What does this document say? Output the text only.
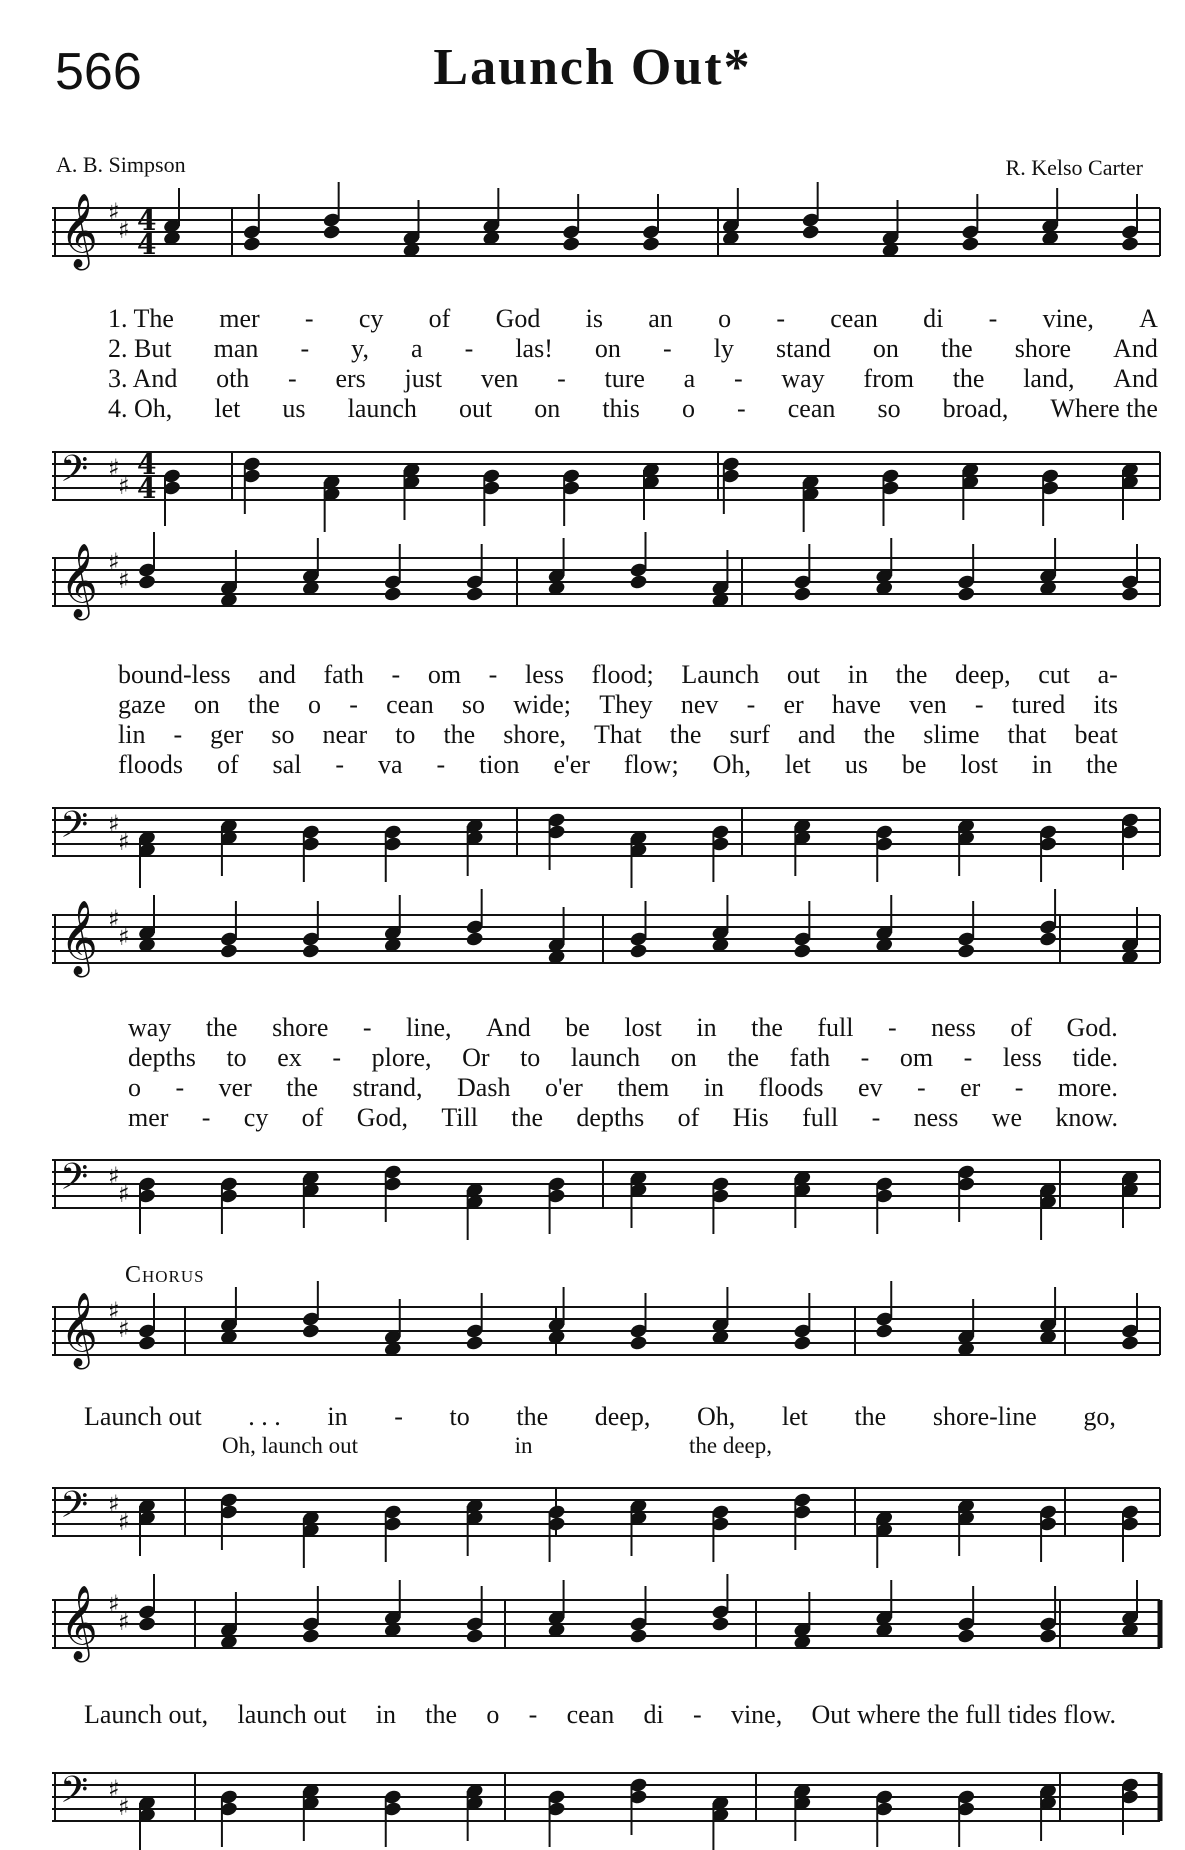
566	Launch Out*
A. B. Simpson	R. Kelso Carter
𝄞 ♯
♯ 4
4
𝄢 ♯
♯
4
4
𝄞 ♯
♯
𝄢 ♯
♯
𝄞 ♯
♯
𝄢 ♯
♯
𝄞 ♯
♯
𝄢 ♯
♯
𝄞 ♯
♯
𝄢 ♯
♯
1. The mer - cy of God is an o - cean di - vine, A
2. But man - y, a - las! on - ly stand on the shore And
3. And oth - ers just ven - ture a - way from the land, And
4. Oh, let us launch out on this o - cean so broad, Where the
bound-less and fath - om - less flood; Launch out in the deep, cut a-
gaze on the o - cean so wide; They nev - er have ven - tured its
lin - ger so near to the shore, That the surf and the slime that beat
floods of sal - va - tion e'er flow; Oh, let us be lost in the
way the shore - line, And be lost in the full - ness of God.
depths to ex - plore, Or to launch on the fath - om - less tide.
o - ver the strand, Dash o'er them in floods ev - er - more.
mer - cy of God, Till the depths of His full - ness we know.
Chorus
Launch out . . . in - to the deep, Oh, let the shore-line go,
Oh, launch out	in	the deep,
Launch out, launch out in the o - cean di - vine, Out where the full tides flow.
